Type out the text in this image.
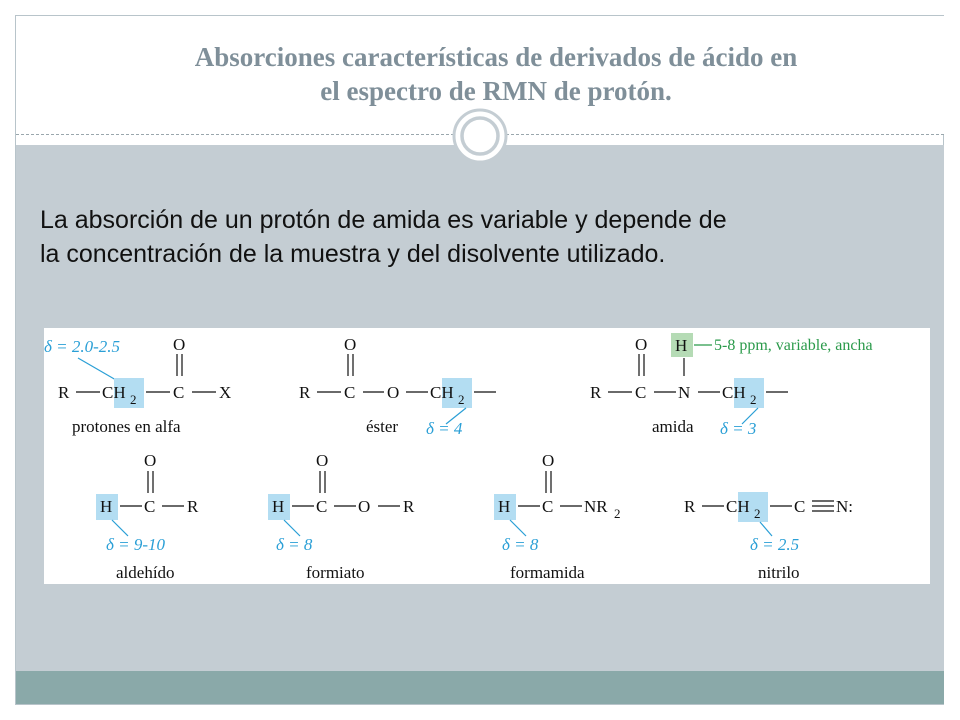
Absorciones características de derivados de ácido en
el espectro de RMN de protón.
La absorción de un protón de amida es variable y depende de
la concentración de la muestra y del disolvente utilizado.
δ = 2.0-2.5
R CH 2 C
O
X
protones en alfa
R C
O
O CH 2
δ = 4
éster
R C
O
N
H 5-8 ppm, variable, ancha
CH 2
δ = 3
amida
O
H C R
δ = 9-10
aldehído
O
H C O R
δ = 8
formiato
O
H C NR 2
δ = 8
formamida
R CH 2 C N:
δ = 2.5
nitrilo
